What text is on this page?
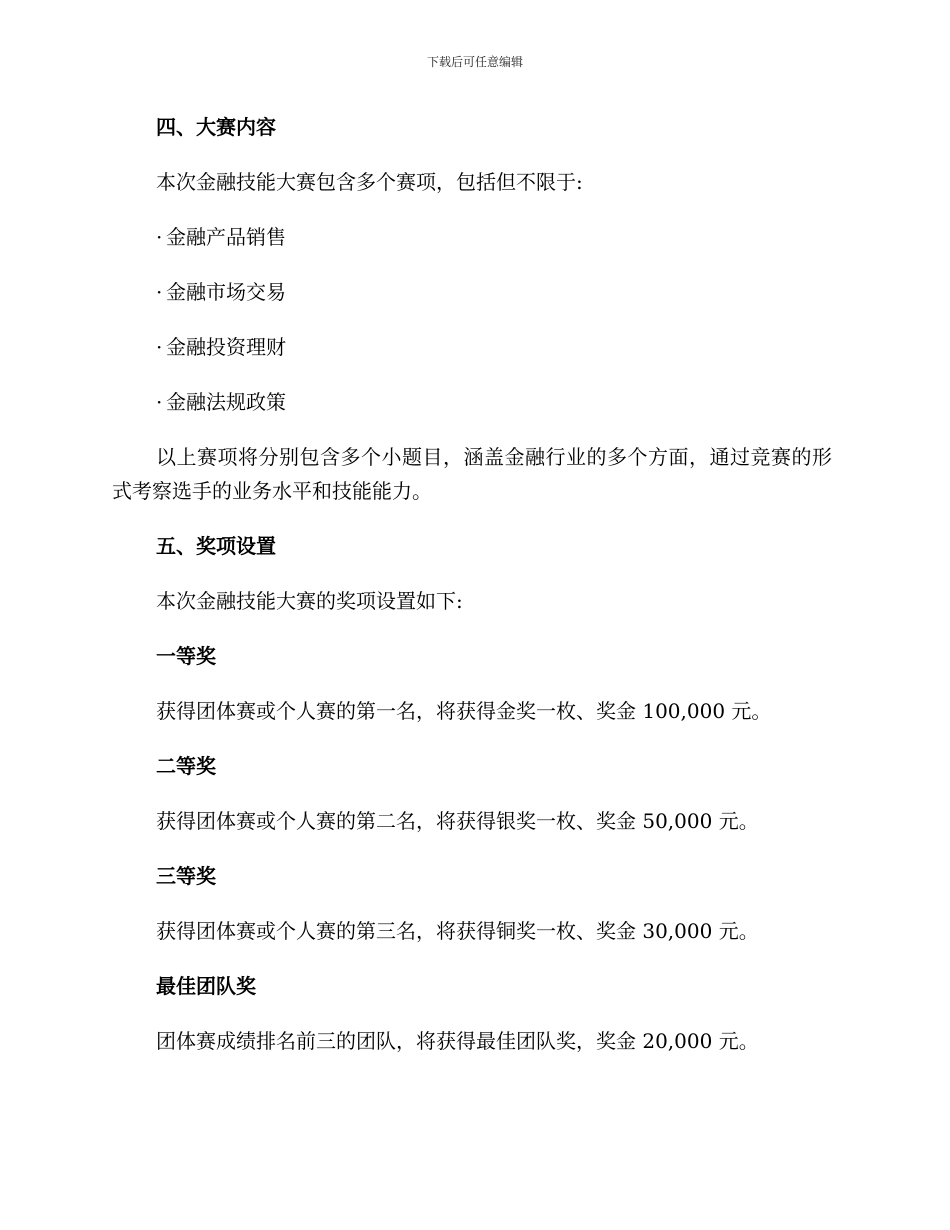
下载后可任意编辑
四、大赛内容
本次金融技能大赛包含多个赛项，包括但不限于:
· 金融产品销售
· 金融市场交易
· 金融投资理财
· 金融法规政策
以上赛项将分别包含多个小题目，涵盖金融行业的多个方面，通过竞赛的形式考察选手的业务水平和技能能力。
五、奖项设置
本次金融技能大赛的奖项设置如下:
一等奖
获得团体赛或个人赛的第一名，将获得金奖一枚、奖金 100,000 元。
二等奖
获得团体赛或个人赛的第二名，将获得银奖一枚、奖金 50,000 元。
三等奖
获得团体赛或个人赛的第三名，将获得铜奖一枚、奖金 30,000 元。
最佳团队奖
团体赛成绩排名前三的团队，将获得最佳团队奖，奖金 20,000 元。
